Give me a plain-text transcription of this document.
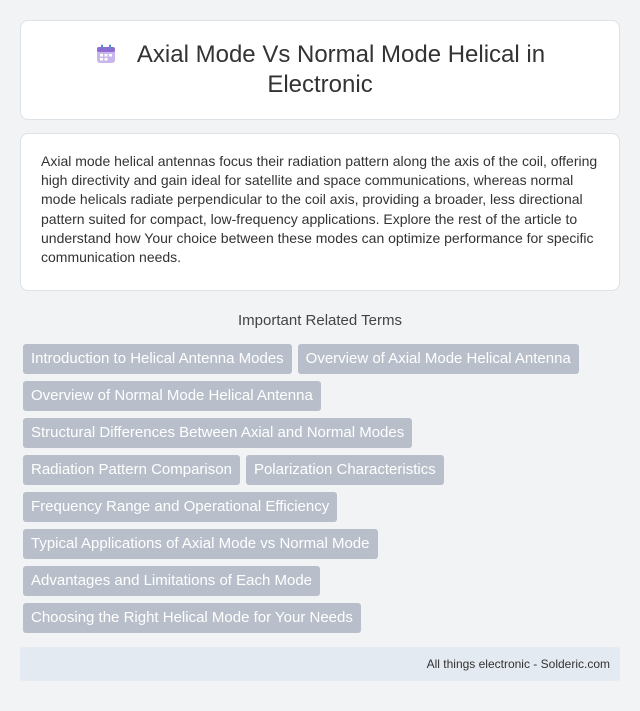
Axial Mode Vs Normal Mode Helical in Electronic

Axial mode helical antennas focus their radiation pattern along the axis of the coil, offering high directivity and gain ideal for satellite and space communications, whereas normal mode helicals radiate perpendicular to the coil axis, providing a broader, less directional pattern suited for compact, low-frequency applications. Explore the rest of the article to understand how Your choice between these modes can optimize performance for specific communication needs.

Important Related Terms
Introduction to Helical Antenna Modes	Overview of Axial Mode Helical Antenna
Overview of Normal Mode Helical Antenna
Structural Differences Between Axial and Normal Modes
Radiation Pattern Comparison	Polarization Characteristics
Frequency Range and Operational Efficiency
Typical Applications of Axial Mode vs Normal Mode
Advantages and Limitations of Each Mode
Choosing the Right Helical Mode for Your Needs
All things electronic - Solderic.com
